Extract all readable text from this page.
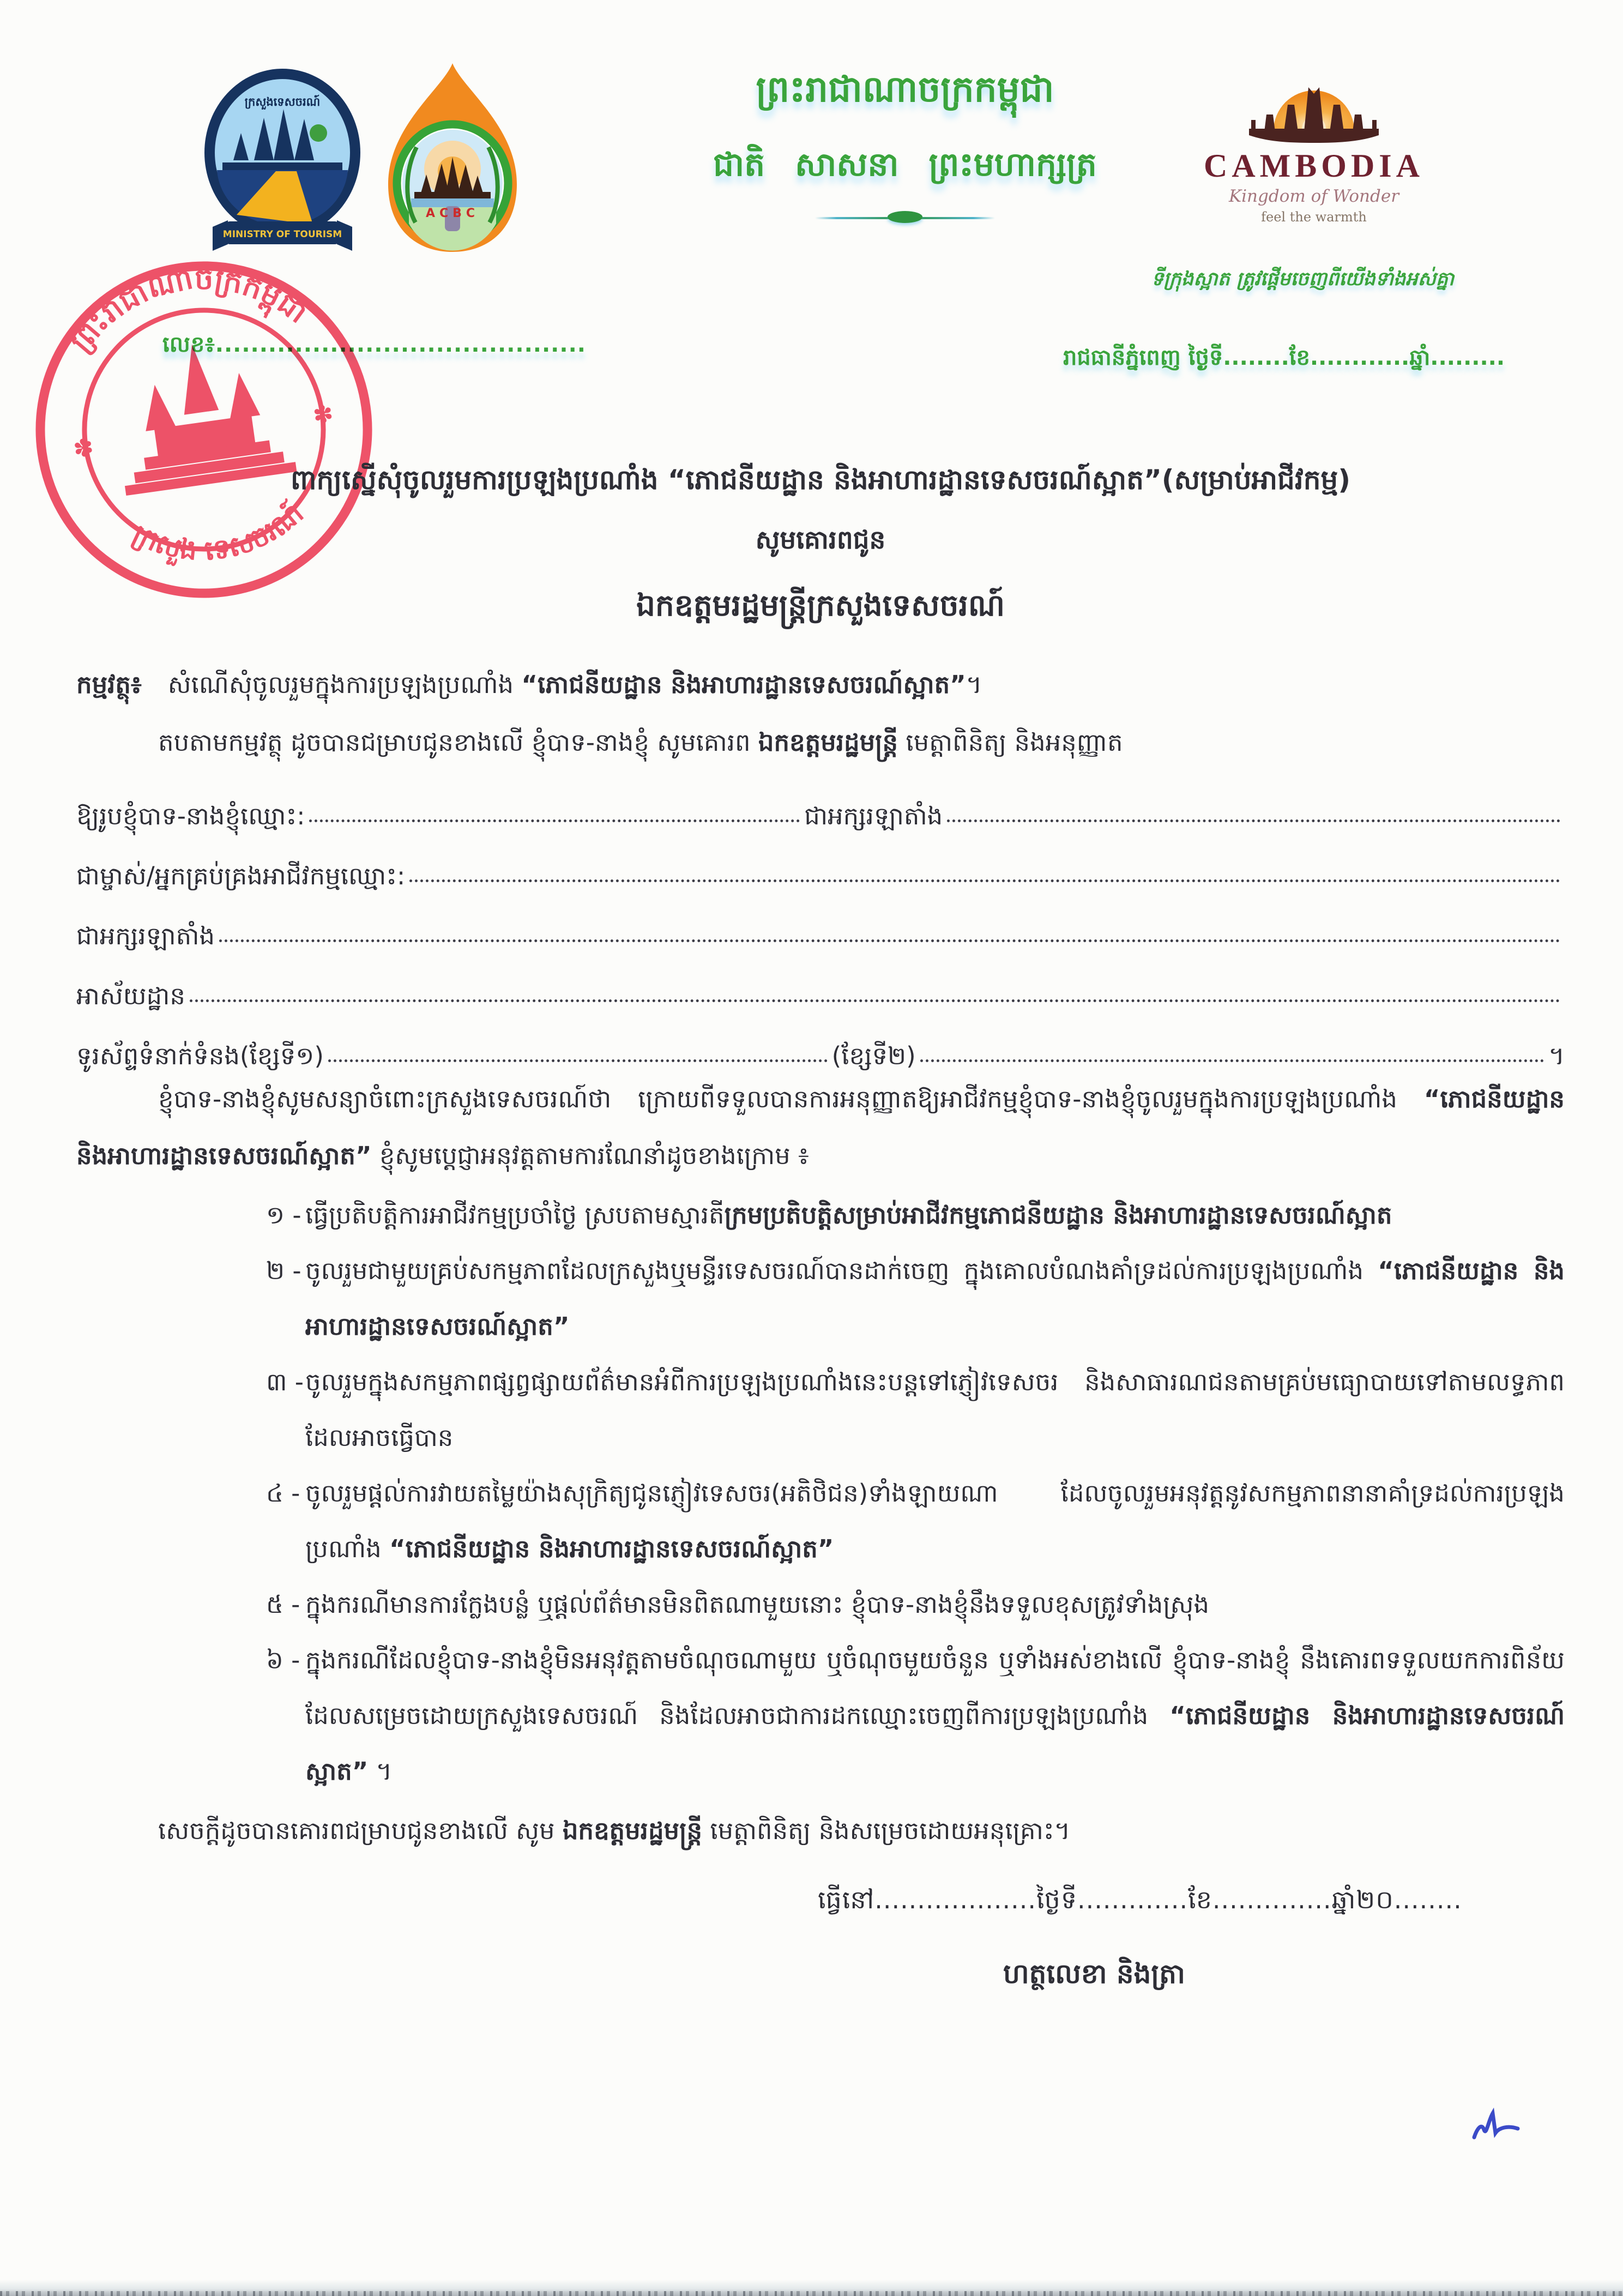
ក្រសួងទេសចរណ៍
MINISTRY OF TOURISM
ACBC
ព្រះរាជាណាចក្រកម្ពុជា
ជាតិ សាសនា ព្រះមហាក្សត្រ	CAMBODIA
Kingdom of Wonder
feel the warmth
ទីក្រុងស្អាត ត្រូវផ្ដើមចេញពីយើងទាំងអស់គ្នា
លេខ៖..........................................
រាជធានីភ្នំពេញ ថ្ងៃទី........ខែ............ឆ្នាំ.........
ព្រះរាជាណាចក្រកម្ពុជា
ក្រសួង ទេសចរណ៍
✽
✽
ពាក្យស្នើសុំចូលរួមការប្រឡងប្រណាំង “ភោជនីយដ្ឋាន និងអាហារដ្ឋានទេសចរណ៍ស្អាត”(សម្រាប់អាជីវកម្ម)
សូមគោរពជូន
ឯកឧត្តមរដ្ឋមន្ត្រីក្រសួងទេសចរណ៍
កម្មវត្ថុ៖ សំណើសុំចូលរួមក្នុងការប្រឡងប្រណាំង “ភោជនីយដ្ឋាន និងអាហារដ្ឋានទេសចរណ៍ស្អាត”។
តបតាមកម្មវត្ថុ ដូចបានជម្រាបជូនខាងលើ ខ្ញុំបាទ-នាងខ្ញុំ សូមគោរព ឯកឧត្តមរដ្ឋមន្ត្រី មេត្តាពិនិត្យ និងអនុញ្ញាត
ឱ្យរូបខ្ញុំបាទ-នាងខ្ញុំឈ្មោះ:	ជាអក្សរឡាតាំង
ជាម្ចាស់/អ្នកគ្រប់គ្រងអាជីវកម្មឈ្មោះ:
ជាអក្សរឡាតាំង
អាស័យដ្ឋាន
ទូរស័ព្ទទំនាក់ទំនង(ខ្សែទី១)	(ខ្សែទី២)	។
ខ្ញុំបាទ-នាងខ្ញុំសូមសន្យាចំពោះក្រសួងទេសចរណ៍ថា ក្រោយពីទទួលបានការអនុញ្ញាតឱ្យអាជីវកម្មខ្ញុំបាទ-នាងខ្ញុំចូលរួមក្នុងការប្រឡងប្រណាំង “ភោជនីយដ្ឋាន និងអាហារដ្ឋានទេសចរណ៍ស្អាត” ខ្ញុំសូមប្ដេជ្ញាអនុវត្តតាមការណែនាំដូចខាងក្រោម ៖
១ - ធ្វើប្រតិបត្តិការអាជីវកម្មប្រចាំថ្ងៃ ស្របតាមស្មារតីក្រមប្រតិបត្តិសម្រាប់អាជីវកម្មភោជនីយដ្ឋាន និងអាហារដ្ឋានទេសចរណ៍ស្អាត
២ - ចូលរួមជាមួយគ្រប់សកម្មភាពដែលក្រសួងឬមន្ទីរទេសចរណ៍បានដាក់ចេញ ក្នុងគោលបំណងគាំទ្រដល់ការប្រឡងប្រណាំង “ភោជនីយដ្ឋាន និងអាហារដ្ឋានទេសចរណ៍ស្អាត”
៣ - ចូលរួមក្នុងសកម្មភាពផ្សព្វផ្សាយព័ត៌មានអំពីការប្រឡងប្រណាំងនេះបន្តទៅភ្ញៀវទេសចរ និងសាធារណជនតាមគ្រប់មធ្យោបាយទៅតាមលទ្ធភាពដែលអាចធ្វើបាន
៤ - ចូលរួមផ្ដល់ការវាយតម្លៃយ៉ាងសុក្រិត្យជូនភ្ញៀវទេសចរ(អតិថិជន)ទាំងឡាយណា ដែលចូលរួមអនុវត្តនូវសកម្មភាពនានាគាំទ្រដល់ការប្រឡងប្រណាំង “ភោជនីយដ្ឋាន និងអាហារដ្ឋានទេសចរណ៍ស្អាត”
៥ - ក្នុងករណីមានការក្លែងបន្លំ ឬផ្ដល់ព័ត៌មានមិនពិតណាមួយនោះ ខ្ញុំបាទ-នាងខ្ញុំនឹងទទួលខុសត្រូវទាំងស្រុង
៦ - ក្នុងករណីដែលខ្ញុំបាទ-នាងខ្ញុំមិនអនុវត្តតាមចំណុចណាមួយ ឬចំណុចមួយចំនួន ឬទាំងអស់ខាងលើ ខ្ញុំបាទ-នាងខ្ញុំ នឹងគោរពទទួលយកការពិន័យដែលសម្រេចដោយក្រសួងទេសចរណ៍ និងដែលអាចជាការដកឈ្មោះចេញពីការប្រឡងប្រណាំង “ភោជនីយដ្ឋាន និងអាហារដ្ឋានទេសចរណ៍ស្អាត” ។
សេចក្ដីដូចបានគោរពជម្រាបជូនខាងលើ សូម ឯកឧត្តមរដ្ឋមន្ត្រី មេត្តាពិនិត្យ និងសម្រេចដោយអនុគ្រោះ។
ធ្វើនៅ...................ថ្ងៃទី.............ខែ..............ឆ្នាំ២០........
ហត្ថលេខា និងត្រា
